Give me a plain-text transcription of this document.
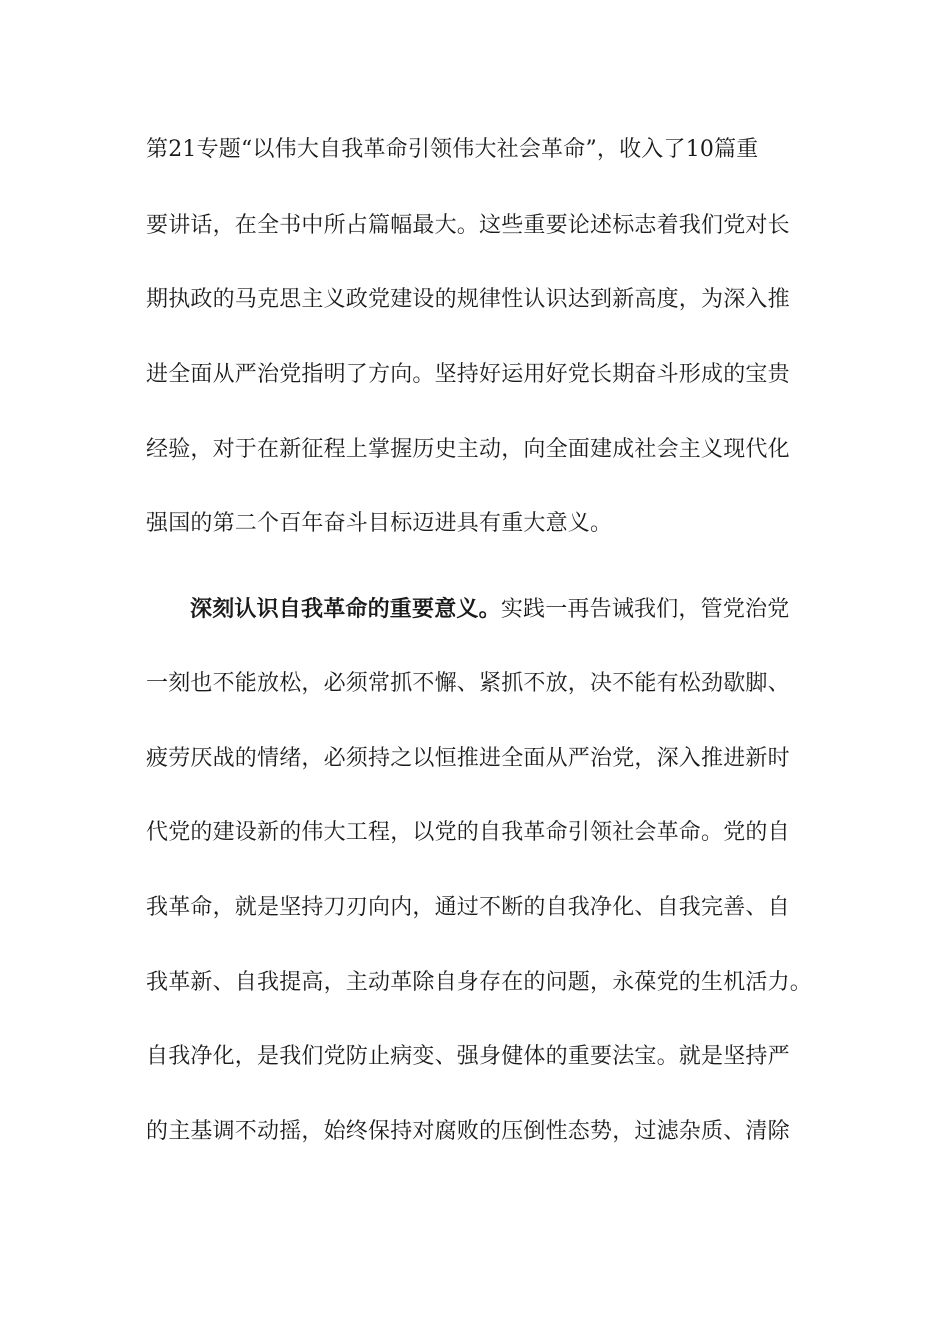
第21专题“以伟大自我革命引领伟大社会革命”，收入了10篇重
要讲话，在全书中所占篇幅最大。这些重要论述标志着我们党对长
期执政的马克思主义政党建设的规律性认识达到新高度，为深入推
进全面从严治党指明了方向。坚持好运用好党长期奋斗形成的宝贵
经验，对于在新征程上掌握历史主动，向全面建成社会主义现代化
强国的第二个百年奋斗目标迈进具有重大意义。
深刻认识自我革命的重要意义。实践一再告诫我们，管党治党
一刻也不能放松，必须常抓不懈、紧抓不放，决不能有松劲歇脚、
疲劳厌战的情绪，必须持之以恒推进全面从严治党，深入推进新时
代党的建设新的伟大工程，以党的自我革命引领社会革命。党的自
我革命，就是坚持刀刃向内，通过不断的自我净化、自我完善、自
我革新、自我提高，主动革除自身存在的问题，永葆党的生机活力。
自我净化，是我们党防止病变、强身健体的重要法宝。就是坚持严
的主基调不动摇，始终保持对腐败的压倒性态势，过滤杂质、清除
